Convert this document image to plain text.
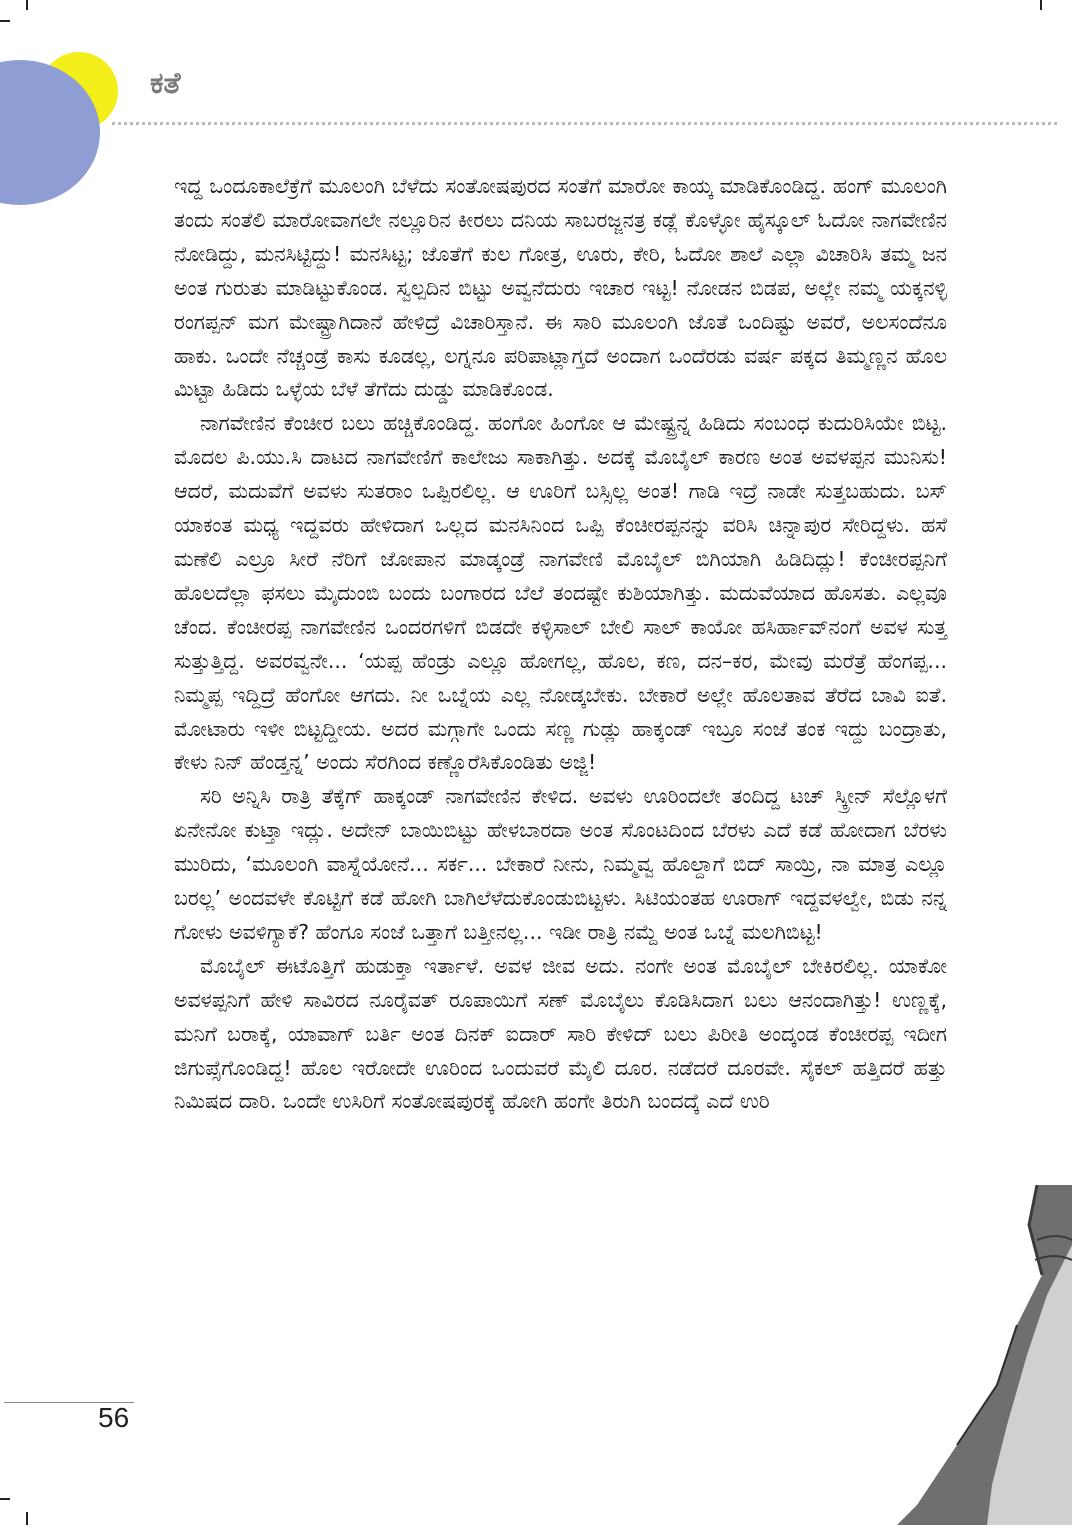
ಕತೆ

ಇದ್ದ ಒಂದೂಕಾಲೆಕ್ರೆಗೆ ಮೂಲಂಗಿ ಬೆಳೆದು ಸಂತೋಷಪುರದ ಸಂತೆಗೆ ಮಾರೋ ಕಾಯ್ಕ ಮಾಡಿಕೊಂಡಿದ್ದ. ಹಂಗ್ ಮೂಲಂಗಿ ತಂದು ಸಂತೆಲಿ ಮಾರೋವಾಗಲೇ ನಲ್ಲೂರಿನ ಕೀರಲು ದನಿಯ ಸಾಬರಜ್ಜನತ್ರ ಕಡ್ಲೆ ಕೊಳ್ಳೋ ಹೈಸ್ಕೂಲ್ ಓದೋ ನಾಗವೇಣಿನ ನೋಡಿದ್ದು, ಮನಸಿಟ್ಟಿದ್ದು! ಮನಸಿಟ್ಟ; ಜೊತೆಗೆ ಕುಲ ಗೋತ್ರ, ಊರು, ಕೇರಿ, ಓದೋ ಶಾಲೆ ಎಲ್ಲಾ ವಿಚಾರಿಸಿ ತಮ್ಮ ಜನ ಅಂತ ಗುರುತು ಮಾಡಿಟ್ಟುಕೊಂಡ. ಸ್ವಲ್ಪದಿನ ಬಿಟ್ಟು ಅವ್ವನೆದುರು ಇಚಾರ ಇಟ್ಟ! ನೋಡನ ಬಿಡಪ, ಅಲ್ಲೇ ನಮ್ಮ ಯಕ್ಕನಳ್ಳಿ ರಂಗಪ್ಪನ್ ಮಗ ಮೇಷ್ಟ್ರಾಗಿದಾನೆ ಹೇಳಿದ್ರೆ ವಿಚಾರಿಸ್ತಾನೆ. ಈ ಸಾರಿ ಮೂಲಂಗಿ ಜೊತೆ ಒಂದಿಷ್ಟು ಅವರೆ, ಅಲಸಂದೆನೂ ಹಾಕು. ಒಂದೇ ನೆಚ್ಚಂಡ್ರೆ ಕಾಸು ಕೂಡಲ್ಲ, ಲಗ್ನನೂ ಪರಿಪಾಟ್ಲಾಗ್ತದೆ ಅಂದಾಗ ಒಂದೆರಡು ವರ್ಷ ಪಕ್ಕದ ತಿಮ್ಮಣ್ಣನ ಹೊಲ ಮಿಟ್ಟಾ ಹಿಡಿದು ಒಳ್ಳೆಯ ಬೆಳೆ ತೆಗೆದು ದುಡ್ಡು ಮಾಡಿಕೊಂಡ.

ನಾಗವೇಣಿನ ಕೆಂಚೀರ ಬಲು ಹಚ್ಚಿಕೊಂಡಿದ್ದ. ಹಂಗೋ ಹಿಂಗೋ ಆ ಮೇಷ್ಟ್ರನ್ನ ಹಿಡಿದು ಸಂಬಂಧ ಕುದುರಿಸಿಯೇ ಬಿಟ್ಟ. ಮೊದಲ ಪಿ.ಯು.ಸಿ ದಾಟದ ನಾಗವೇಣಿಗೆ ಕಾಲೇಜು ಸಾಕಾಗಿತ್ತು. ಅದಕ್ಕೆ ಮೊಬೈಲ್ ಕಾರಣ ಅಂತ ಅವಳಪ್ಪನ ಮುನಿಸು! ಆದರೆ, ಮದುವೆಗೆ ಅವಳು ಸುತರಾಂ ಒಪ್ಪಿರಲಿಲ್ಲ. ಆ ಊರಿಗೆ ಬಸ್ಸಿಲ್ಲ ಅಂತ! ಗಾಡಿ ಇದ್ರೆ ನಾಡೇ ಸುತ್ತಬಹುದು. ಬಸ್ ಯಾಕಂತ ಮಧ್ಯ ಇದ್ದವರು ಹೇಳಿದಾಗ ಒಲ್ಲದ ಮನಸಿನಿಂದ ಒಪ್ಪಿ ಕೆಂಚೀರಪ್ಪನನ್ನು ವರಿಸಿ ಚಿನ್ನಾಪುರ ಸೇರಿದ್ದಳು. ಹಸೆ ಮಣೆಲಿ ಎಲ್ರೂ ಸೀರೆ ನೆರಿಗೆ ಜೋಪಾನ ಮಾಡ್ಕಂಡ್ರೆ ನಾಗವೇಣಿ ಮೊಬೈಲ್ ಬಿಗಿಯಾಗಿ ಹಿಡಿದಿದ್ಲು! ಕೆಂಚೀರಪ್ಪನಿಗೆ ಹೊಲದೆಲ್ಲಾ ಫಸಲು ಮೈದುಂಬಿ ಬಂದು ಬಂಗಾರದ ಬೆಲೆ ತಂದಷ್ಟೇ ಕುಶಿಯಾಗಿತ್ತು. ಮದುವೆಯಾದ ಹೊಸತು. ಎಲ್ಲವೂ ಚೆಂದ. ಕೆಂಚೀರಪ್ಪ ನಾಗವೇಣಿನ ಒಂದರಗಳಿಗೆ ಬಿಡದೇ ಕಳ್ಳಿಸಾಲ್ ಬೇಲಿ ಸಾಲ್ ಕಾಯೋ ಹಸಿರ್ಹಾವ್‌ನಂಗೆ ಅವಳ ಸುತ್ತ ಸುತ್ತುತ್ತಿದ್ದ. ಅವರವ್ವನೇ... ‘ಯಪ್ಪ ಹೆಂಡ್ರು ಎಲ್ಲೂ ಹೋಗಲ್ಲ, ಹೊಲ, ಕಣ, ದನ–ಕರ, ಮೇವು ಮರೆತ್ರೆ ಹೆಂಗಪ್ಪ... ನಿಮ್ಮಪ್ಪ ಇದ್ದಿದ್ರೆ ಹೆಂಗೋ ಆಗದು. ನೀ ಒಬ್ನೆಯ ಎಲ್ಲ ನೋಡ್ಕಬೇಕು. ಬೇಕಾರೆ ಅಲ್ಲೇ ಹೊಲತಾವ ತೆರೆದ ಬಾವಿ ಐತೆ. ಮೋಟಾರು ಇಳೀ ಬಿಟ್ಟದ್ದೀಯ. ಅದರ ಮಗ್ಗಾಗೇ ಒಂದು ಸಣ್ಣ ಗುಡ್ಲು ಹಾಕ್ಕಂಡ್ ಇಬ್ರೂ ಸಂಜೆ ತಂಕ ಇದ್ದು ಬಂದ್ರಾತು, ಕೇಳು ನಿನ್ ಹೆಂಡ್ತನ್ನ’ ಅಂದು ಸೆರಗಿಂದ ಕಣ್ಣೊರೆಸಿಕೊಂಡಿತು ಅಜ್ಜಿ!

ಸರಿ ಅನ್ನಿಸಿ ರಾತ್ರಿ ತೆಕ್ಕೆಗ್ ಹಾಕ್ಕಂಡ್ ನಾಗವೇಣಿನ ಕೇಳಿದ. ಅವಳು ಊರಿಂದಲೇ ತಂದಿದ್ದ ಟಚ್ ಸ್ಕ್ರೀನ್ ಸೆಲ್ಲೊಳಗೆ ಏನೇನೋ ಕುಟ್ತಾ ಇದ್ಲು. ಅದೇನ್ ಬಾಯಿಬಿಟ್ಟು ಹೇಳಬಾರದಾ ಅಂತ ಸೊಂಟದಿಂದ ಬೆರಳು ಎದೆ ಕಡೆ ಹೋದಾಗ ಬೆರಳು ಮುರಿದು, ‘ಮೂಲಂಗಿ ವಾಸ್ನೆಯೋನೆ... ಸರ್ಕ... ಬೇಕಾರೆ ನೀನು, ನಿಮ್ಮವ್ವ ಹೊಲ್ದಾಗೆ ಬಿದ್ ಸಾಯ್ರಿ, ನಾ ಮಾತ್ರ ಎಲ್ಲೂ ಬರಲ್ಲ’ ಅಂದವಳೇ ಕೊಟ್ಟಿಗೆ ಕಡೆ ಹೋಗಿ ಬಾಗಿಲೆಳೆದುಕೊಂಡುಬಿಟ್ಟಳು. ಸಿಟಿಯಂತಹ ಊರಾಗ್ ಇದ್ದವಳಲ್ವೇ, ಬಿಡು ನನ್ನ ಗೋಳು ಅವಳಿಗ್ಯಾಕೆ? ಹೆಂಗೂ ಸಂಜೆ ಒತ್ತಾಗೆ ಬತ್ತೀನಲ್ಲ... ಇಡೀ ರಾತ್ರಿ ನಮ್ದೆ ಅಂತ ಒಬ್ನೆ ಮಲಗಿಬಿಟ್ಟ!

ಮೊಬೈಲ್ ಈಟೊತ್ತಿಗೆ ಹುಡುಕ್ತಾ ಇರ್ತಾಳೆ. ಅವಳ ಜೀವ ಅದು. ನಂಗೇ ಅಂತ ಮೊಬೈಲ್ ಬೇಕಿರಲಿಲ್ಲ. ಯಾಕೋ ಅವಳಪ್ಪನಿಗೆ ಹೇಳಿ ಸಾವಿರದ ನೂರೈವತ್ ರೂಪಾಯಿಗೆ ಸಣ್ ಮೊಬೈಲು ಕೊಡಿಸಿದಾಗ ಬಲು ಆನಂದಾಗಿತ್ತು! ಉಣ್ಣಕ್ಕೆ, ಮನಿಗೆ ಬರಾಕ್ಕೆ, ಯಾವಾಗ್ ಬರ್ತಿ ಅಂತ ದಿನಕ್ ಐದಾರ್ ಸಾರಿ ಕೇಳಿದ್ ಬಲು ಪಿರೀತಿ ಅಂದ್ಕಂಡ ಕೆಂಚೀರಪ್ಪ ಇದೀಗ ಜಿಗುಪ್ಸೆಗೊಂಡಿದ್ದ! ಹೊಲ ಇರೋದೇ ಊರಿಂದ ಒಂದುವರೆ ಮೈಲಿ ದೂರ. ನಡೆದರೆ ದೂರವೇ. ಸೈಕಲ್ ಹತ್ತಿದರೆ ಹತ್ತು ನಿಮಿಷದ ದಾರಿ. ಒಂದೇ ಉಸಿರಿಗೆ ಸಂತೋಷಪುರಕ್ಕೆ ಹೋಗಿ ಹಂಗೇ ತಿರುಗಿ ಬಂದದ್ಕೆ ಎದೆ ಉರಿ

56
